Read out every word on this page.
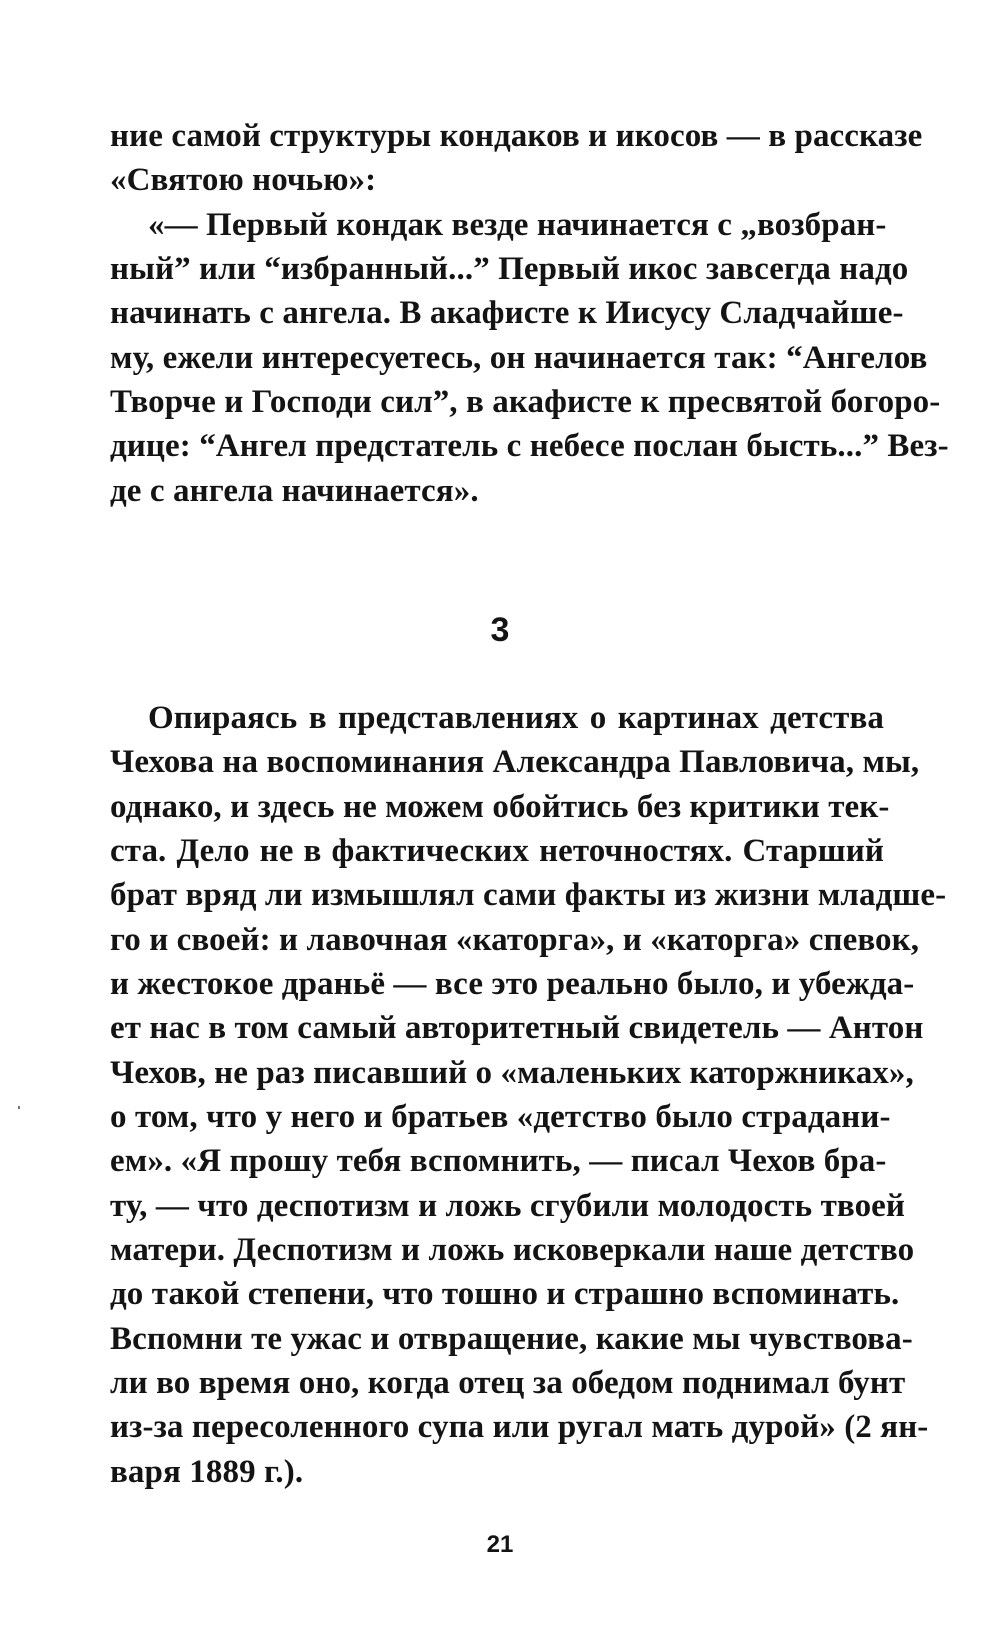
ние самой структуры кондаков и икосов — в рассказе
«Святою ночью»:
«— Первый кондак везде начинается с „возбран-
ный” или “избранный...” Первый икос завсегда надо
начинать с ангела. В акафисте к Иисусу Сладчайше-
му, ежели интересуетесь, он начинается так: “Ангелов
Творче и Господи сил”, в акафисте к пресвятой богоро-
дице: “Ангел предстатель с небесе послан бысть...” Вез-
де с ангела начинается».
3
Опираясь в представлениях о картинах детства
Чехова на воспоминания Александра Павловича, мы,
однако, и здесь не можем обойтись без критики тек-
ста. Дело не в фактических неточностях. Старший
брат вряд ли измышлял сами факты из жизни младше-
го и своей: и лавочная «каторга», и «каторга» спевок,
и жестокое драньё — все это реально было, и убежда-
ет нас в том самый авторитетный свидетель — Антон
Чехов, не раз писавший о «маленьких каторжниках»,
о том, что у него и братьев «детство было страдани-
ем». «Я прошу тебя вспомнить, — писал Чехов бра-
ту, — что деспотизм и ложь сгубили молодость твоей
матери. Деспотизм и ложь исковеркали наше детство
до такой степени, что тошно и страшно вспоминать.
Вспомни те ужас и отвращение, какие мы чувствова-
ли во время оно, когда отец за обедом поднимал бунт
из-за пересоленного супа или ругал мать дурой» (2 ян-
варя 1889 г.).
21
